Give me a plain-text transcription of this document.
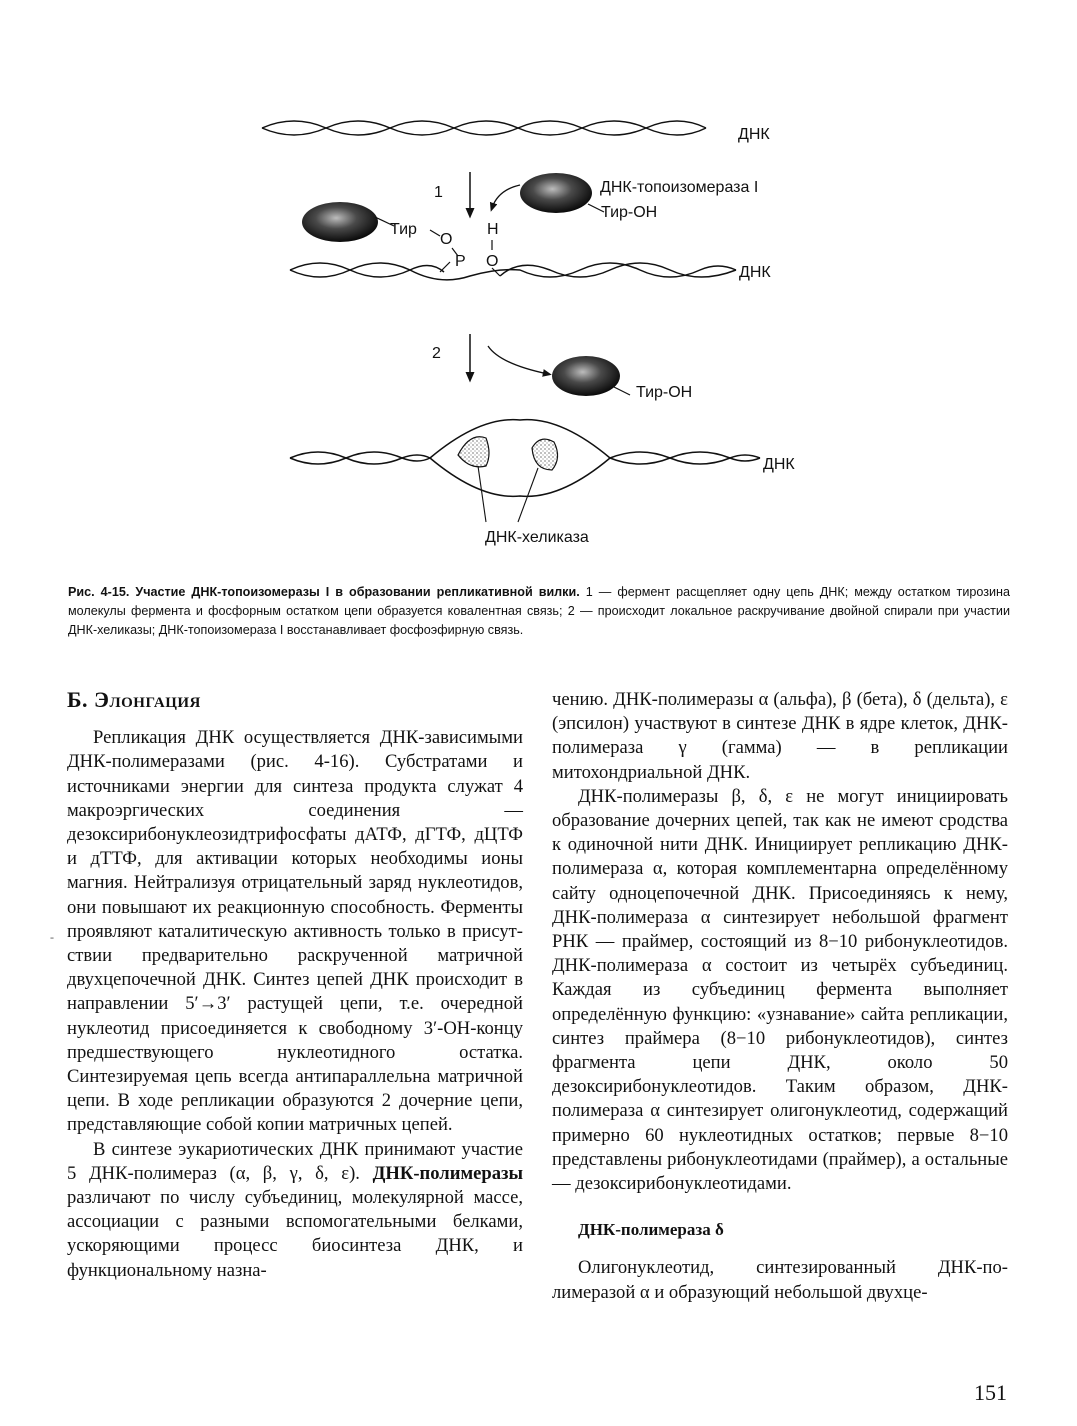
ДНК
1	ДНК-топоизомераза I
Тир-ОН
Тир
O
H
P O
ДНК
2
Тир-ОН
ДНК
ДНК-хеликаза
Рис. 4-15. Участие ДНК-топоизомеразы I в образовании репликативной вилки. 1 — фермент расщепляет одну цепь ДНК; между остатком тирозина молекулы фермента и фосфорным остатком цепи образуется ковалентная связь; 2 — происходит локальное раскручивание двойной спирали при участии ДНК-хеликазы; ДНК-топоизомераза I восстанавливает фосфоэфирную связь.
-
Б. Элонгация

Репликация ДНК осуществляется ДНК-зависимыми ДНК-полимеразами (рис. 4-16). Субстратами и источниками энергии для синтеза продукта служат 4 макроэргических соединения — дезоксирибонуклеозидтрифосфаты дАТФ, дГТФ, дЦТФ и дТТФ, для активации которых необходимы ионы магния. Нейтрализуя отрицательный заряд нуклеотидов, они повышают их реакционную способность. Ферменты проявляют каталитическую активность только в присутствии предварительно раскрученной матричной двухцепочечной ДНК. Синтез цепей ДНК происходит в направлении 5′→3′ растущей цепи, т.е. очередной нуклеотид присоединяется к свободному 3′-ОН-концу предшествующего нуклеотидного остатка. Синтезируемая цепь всегда антипараллельна матричной цепи. В ходе репликации образуются 2 дочерние цепи, представляющие собой копии матричных цепей.

В синтезе эукариотических ДНК принимают участие 5 ДНК-полимераз (α, β, γ, δ, ε). ДНК-полимеразы различают по числу субъединиц, молекулярной массе, ассоциации с разными вспомогательными белками, ускоряющими процесс биосинтеза ДНК, и функциональному назна-

чению. ДНК-полимеразы α (альфа), β (бета), δ (дельта), ε (эпсилон) участвуют в синтезе ДНК в ядре клеток, ДНК-полимераза γ (гамма) — в репликации митохондриальной ДНК.

ДНК-полимеразы β, δ, ε не могут инициировать образование дочерних цепей, так как не имеют сродства к одиночной нити ДНК. Инициирует репликацию ДНК-полимераза α, которая комплементарна определённому сайту одноцепочечной ДНК. Присоединяясь к нему, ДНК-полимераза α синтезирует небольшой фрагмент РНК — праймер, состоящий из 8−10 рибонуклеотидов. ДНК-полимераза α состоит из четырёх субъединиц. Каждая из субъединиц фермента выполняет определённую функцию: «узнавание» сайта репликации, синтез праймера (8−10 рибонуклеотидов), синтез фрагмента цепи ДНК, около 50 дезоксирибонуклеотидов. Таким образом, ДНК-полимераза α синтезирует олигонуклеотид, содержащий примерно 60 нуклеотидных остатков; первые 8−10 представлены рибонуклеотидами (праймер), а остальные — дезоксирибонуклеотидами.

ДНК-полимераза δ

Олигонуклеотид, синтезированный ДНК-полимеразой α и образующий небольшой двухце-

151
